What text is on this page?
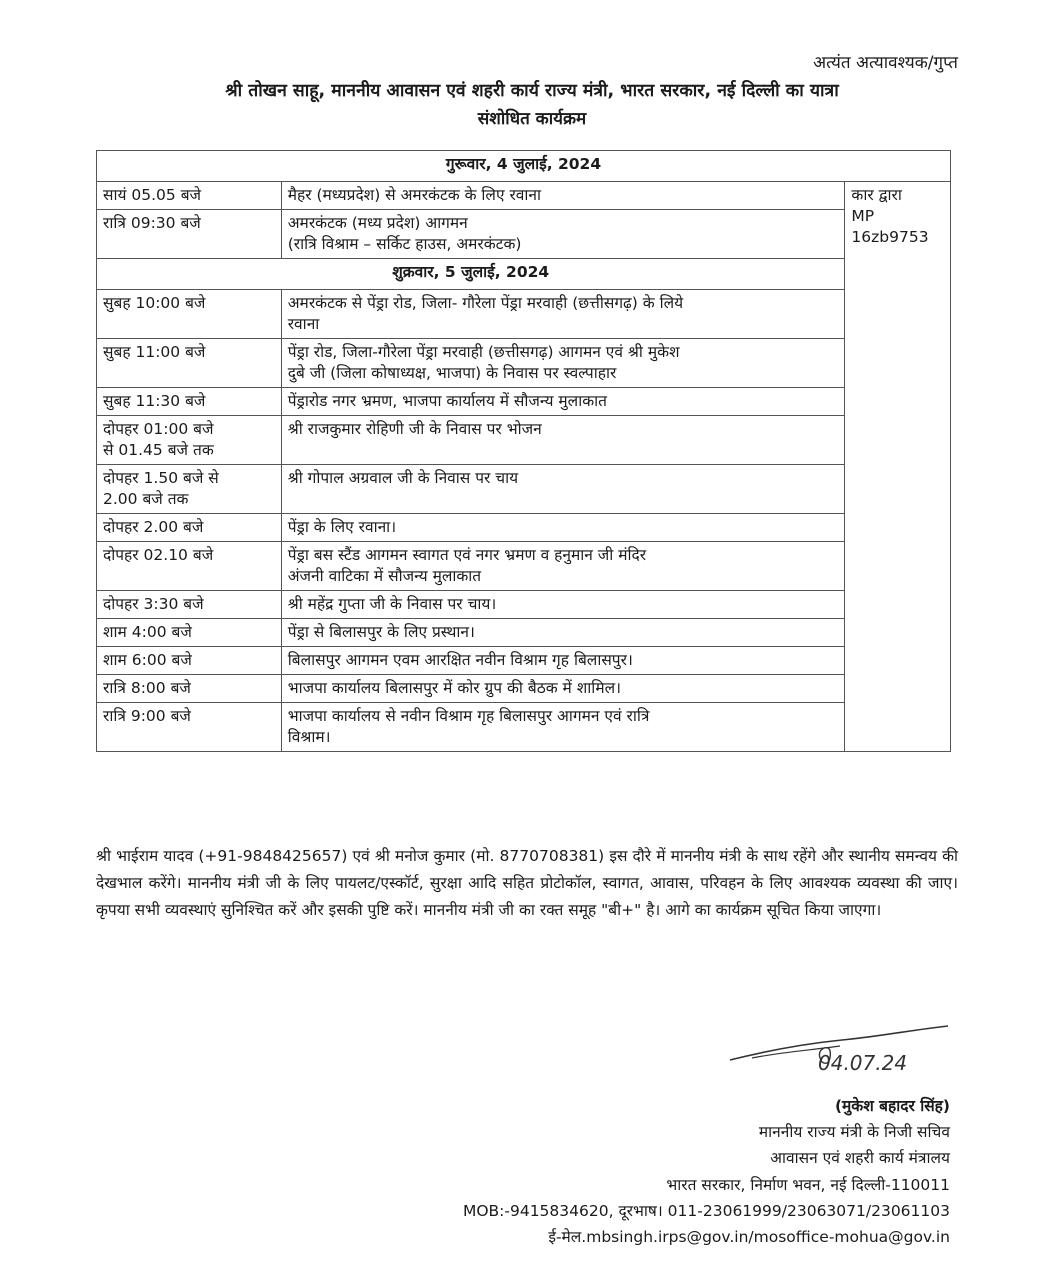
अत्यंत अत्यावश्यक/गुप्त
श्री तोखन साहू, माननीय आवासन एवं शहरी कार्य राज्य मंत्री, भारत सरकार, नई दिल्ली का यात्रा
संशोधित कार्यक्रम
गुरूवार, 4 जुलाई, 2024		

सायं 05.05 बजे	मैहर (मध्यप्रदेश) से अमरकंटक के लिए रवाना	कार द्वारा
MP
16zb9753

रात्रि 09:30 बजे	अमरकंटक (मध्य प्रदेश) आगमन
(रात्रि विश्राम – सर्किट हाउस, अमरकंटक)	

शुक्रवार, 5 जुलाई, 2024		

सुबह 10:00 बजे	अमरकंटक से पेंड्रा रोड, जिला- गौरेला पेंड्रा मरवाही (छत्तीसगढ़) के लिये
रवाना	

सुबह 11:00 बजे	पेंड्रा रोड, जिला-गौरेला पेंड्रा मरवाही (छत्तीसगढ़) आगमन एवं श्री मुकेश
दुबे जी (जिला कोषाध्यक्ष, भाजपा) के निवास पर स्वल्पाहार	

सुबह 11:30 बजे	पेंड्रारोड नगर भ्रमण, भाजपा कार्यालय में सौजन्य मुलाकात	

दोपहर 01:00 बजे
से 01.45 बजे तक	श्री राजकुमार रोहिणी जी के निवास पर भोजन	

दोपहर 1.50 बजे से
2.00 बजे तक	श्री गोपाल अग्रवाल जी के निवास पर चाय	

दोपहर 2.00 बजे	पेंड्रा के लिए रवाना।	

दोपहर 02.10 बजे	पेंड्रा बस स्टैंड आगमन स्वागत एवं नगर भ्रमण व हनुमान जी मंदिर
अंजनी वाटिका में सौजन्य मुलाकात	

दोपहर 3:30 बजे	श्री महेंद्र गुप्ता जी के निवास पर चाय।	

शाम 4:00 बजे	पेंड्रा से बिलासपुर के लिए प्रस्थान।	

शाम 6:00 बजे	बिलासपुर आगमन एवम आरक्षित नवीन विश्राम गृह बिलासपुर।	

रात्रि 8:00 बजे	भाजपा कार्यालय बिलासपुर में कोर ग्रुप की बैठक में शामिल।	

रात्रि 9:00 बजे	भाजपा कार्यालय से नवीन विश्राम गृह बिलासपुर आगमन एवं रात्रि
विश्राम।	
श्री भाईराम यादव (+91-9848425657) एवं श्री मनोज कुमार (मो. 8770708381) इस दौरे में माननीय मंत्री के साथ रहेंगे और स्थानीय समन्वय की देखभाल करेंगे। माननीय मंत्री जी के लिए पायलट/एस्कॉर्ट, सुरक्षा आदि सहित प्रोटोकॉल, स्वागत, आवास, परिवहन के लिए आवश्यक व्यवस्था की जाए। कृपया सभी व्यवस्थाएं सुनिश्चित करें और इसकी पुष्टि करें। माननीय मंत्री जी का रक्त समूह "बी+" है। आगे का कार्यक्रम सूचित किया जाएगा।
04.07.24
(मुकेश बहादर सिंह)
माननीय राज्य मंत्री के निजी सचिव
आवासन एवं शहरी कार्य मंत्रालय
भारत सरकार, निर्माण भवन, नई दिल्ली-110011
MOB:-9415834620, दूरभाष। 011-23061999/23063071/23061103
ई-मेल.mbsingh.irps@gov.in/mosoffice-mohua@gov.in
